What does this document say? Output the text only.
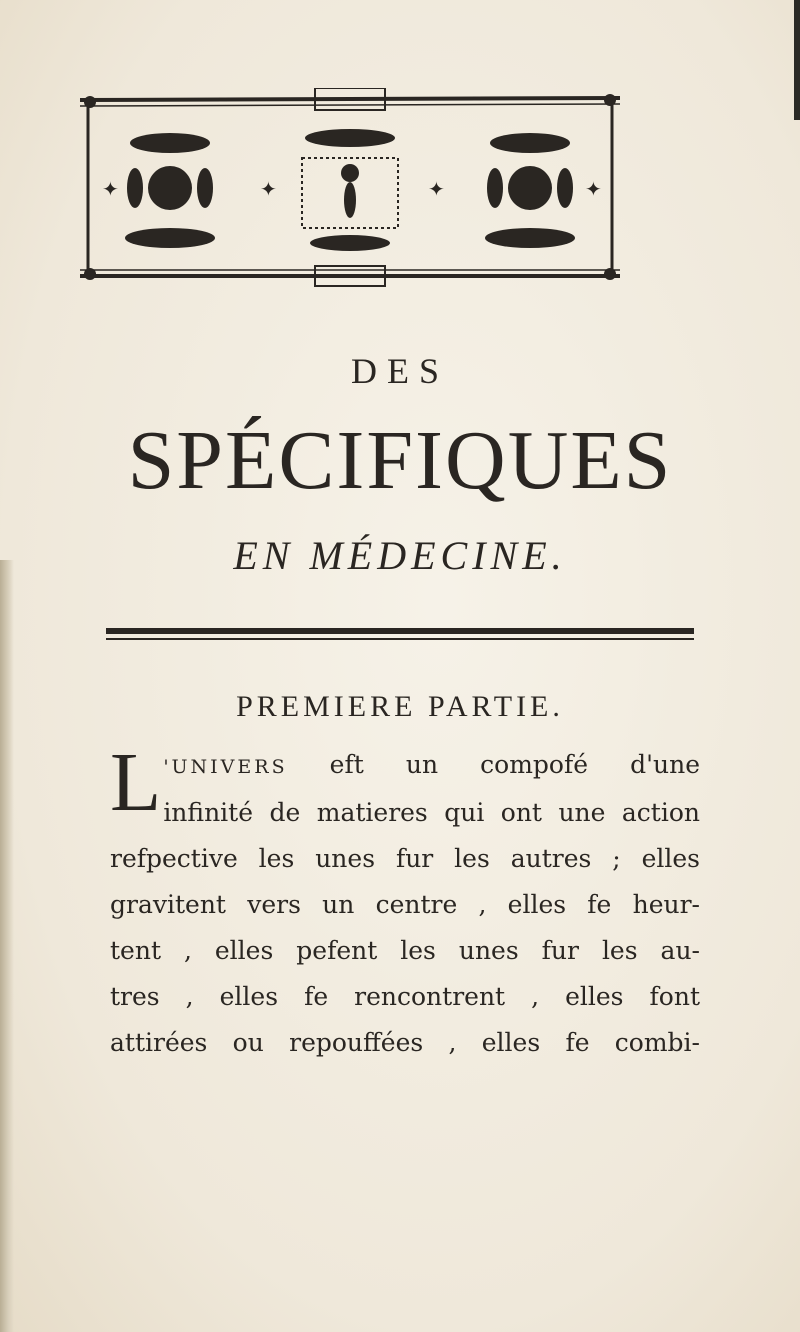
✦	✦	✦	✦
DES
SPÉCIFIQUES
EN MÉDECINE.
PREMIERE PARTIE.
L 'UNIVERS eft un compofé d'une
infinité de matieres qui ont une action
refpective les unes fur les autres ; elles
gravitent vers un centre , elles fe heur-
tent , elles pefent les unes fur les au-
tres , elles fe rencontrent , elles font
attirées ou repouffées , elles fe combi-
